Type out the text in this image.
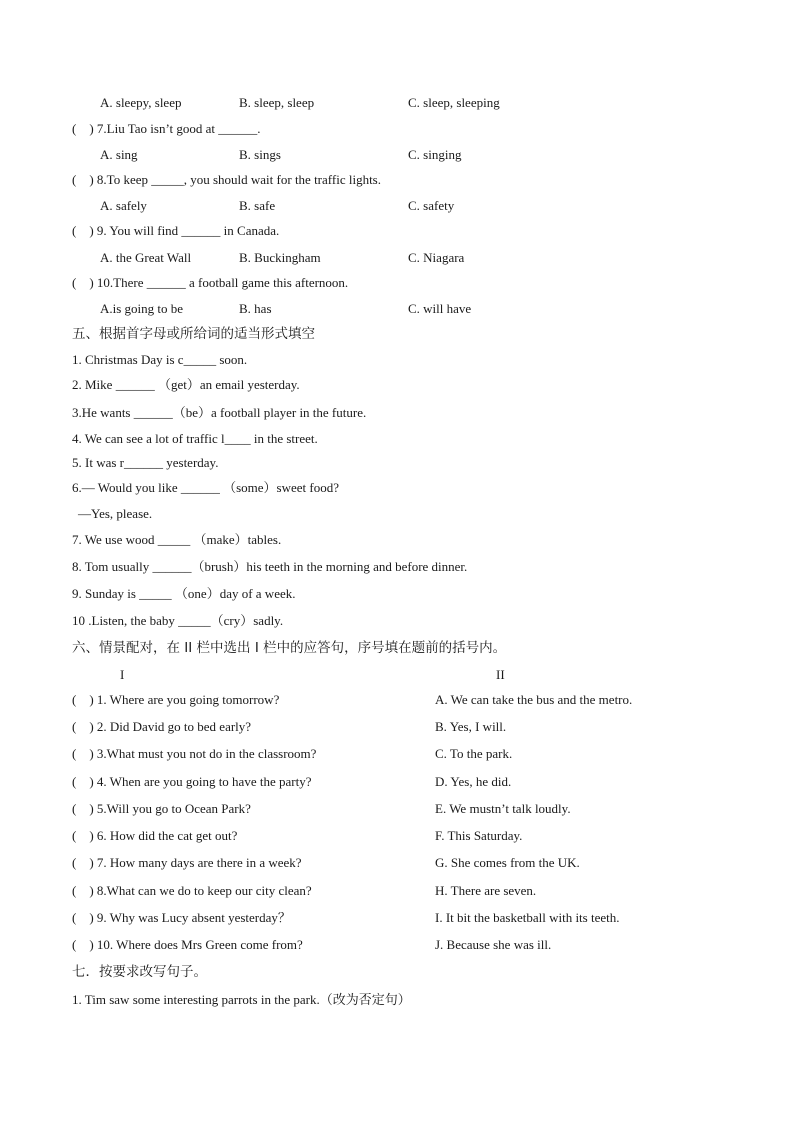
A. sleepy, sleep	B. sleep, sleep	C. sleep, sleeping
(　) 7.Liu Tao isn’t good at ______.
A. sing	B. sings	C. singing
(　) 8.To keep _____, you should wait for the traffic lights.
A. safely	B. safe	C. safety
(　) 9. You will find ______ in Canada.
A. the Great Wall	B. Buckingham	C. Niagara
(　) 10.There ______ a football game this afternoon.
A.is going to be	B. has	C. will have
五、根据首字母或所给词的适当形式填空
1. Christmas Day is c_____ soon.
2. Mike ______ （get）an email yesterday.
3.He wants ______（be）a football player in the future.
4. We can see a lot of traffic l____ in the street.
5. It was r______ yesterday.
6.— Would you like ______ （some）sweet food?
—Yes, please.
7. We use wood _____ （make）tables.
8. Tom usually ______（brush）his teeth in the morning and before dinner.
9. Sunday is _____ （one）day of a week.
10 .Listen, the baby _____（cry）sadly.
六、情景配对，在 II 栏中选出 I 栏中的应答句，序号填在题前的括号内。
I	II
(　) 1. Where are you going tomorrow?	A. We can take the bus and the metro.
(　) 2. Did David go to bed early?	B. Yes, I will.
(　) 3.What must you not do in the classroom?	C. To the park.
(　) 4. When are you going to have the party?	D. Yes, he did.
(　) 5.Will you go to Ocean Park?	E. We mustn’t talk loudly.
(　) 6. How did the cat get out?	F. This Saturday.
(　) 7. How many days are there in a week?	G. She comes from the UK.
(　) 8.What can we do to keep our city clean?	H. There are seven.
(　) 9. Why was Lucy absent yesterday？	I. It bit the basketball with its teeth.
(　) 10. Where does Mrs Green come from?	J. Because she was ill.
七．按要求改写句子。
1. Tim saw some interesting parrots in the park.（改为否定句）
